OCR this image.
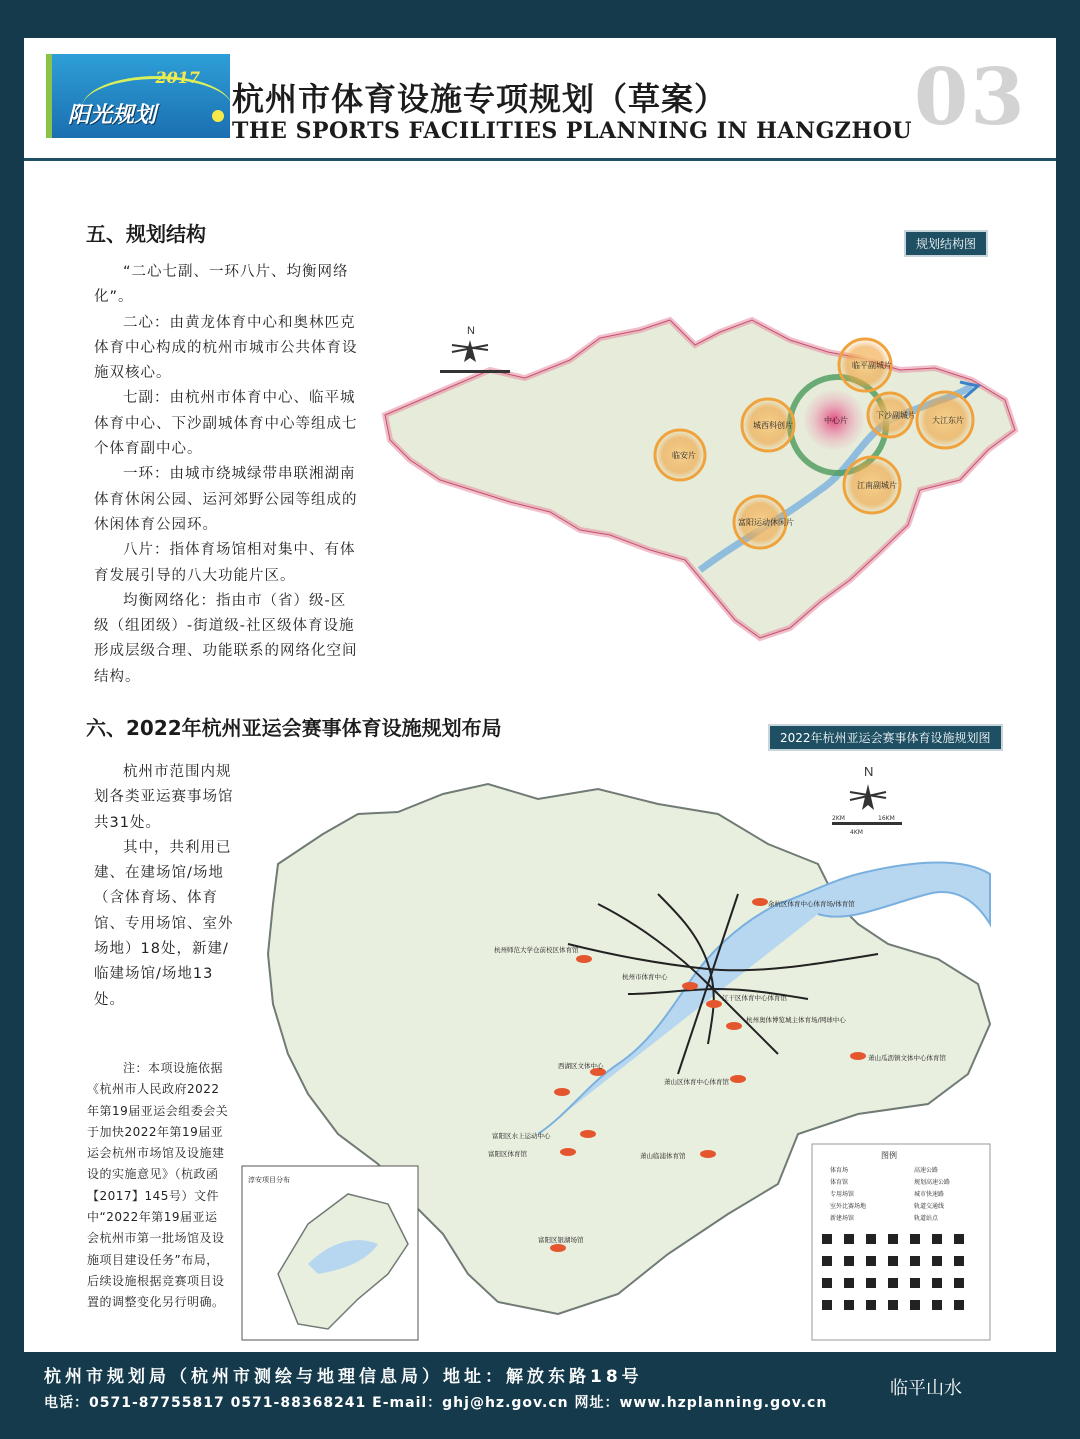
2017
阳光规划 杭州市体育设施专项规划（草案）
THE SPORTS FACILITIES PLANNING IN HANGZHOU 03
五、规划结构	规划结构图

“二心七副、一环八片、均衡网络化”。

二心：由黄龙体育中心和奥林匹克体育中心构成的杭州市城市公共体育设施双核心。

七副：由杭州市体育中心、临平城体育中心、下沙副城体育中心等组成七个体育副中心。

一环：由城市绕城绿带串联湘湖南体育休闲公园、运河郊野公园等组成的休闲体育公园环。

八片：指体育场馆相对集中、有体育发展引导的八大功能片区。

均衡网络化：指由市（省）级-区级（组团级）-街道级-社区级体育设施形成层级合理、功能联系的网络化空间结构。

N
中心片
临平副城片
下沙副城片
大江东片
城西科创片
江南副城片
临安片
富阳运动休闲片
六、2022年杭州亚运会赛事体育设施规划布局	2022年杭州亚运会赛事体育设施规划图

杭州市范围内规划各类亚运赛事场馆共31处。

其中，共利用已建、在建场馆/场地（含体育场、体育馆、专用场馆、室外场地）18处，新建/临建场馆/场地13处。

注：本项设施依据《杭州市人民政府2022年第19届亚运会组委会关于加快2022年第19届亚运会杭州市场馆及设施建设的实施意见》（杭政函【2017】145号）文件中“2022年第19届亚运会杭州市第一批场馆及设施项目建设任务”布局，后续设施根据竞赛项目设置的调整变化另行明确。
余杭区体育中心体育场/体育馆
杭州师范大学仓前校区体育馆
杭州市体育中心
江干区体育中心体育馆
杭州奥体博览城主体育场/网球中心
萧山瓜沥镇文体中心体育馆
萧山区体育中心体育馆
西湖区文体中心
富阳区水上运动中心
富阳区体育馆	萧山临浦体育馆
富阳区银湖场馆
N
2KM	16KM
4KM
淳安项目分布
图例
体育场
体育馆
专用场馆
室外比赛场地
新建场馆
高速公路
规划高速公路
城市快速路
轨道交通线
轨道站点
杭州市规划局（杭州市测绘与地理信息局）地址：解放东路18号
电话：0571-87755817 0571-88368241 E-mail：ghj@hz.gov.cn 网址：www.hzplanning.gov.cn
临平山水
